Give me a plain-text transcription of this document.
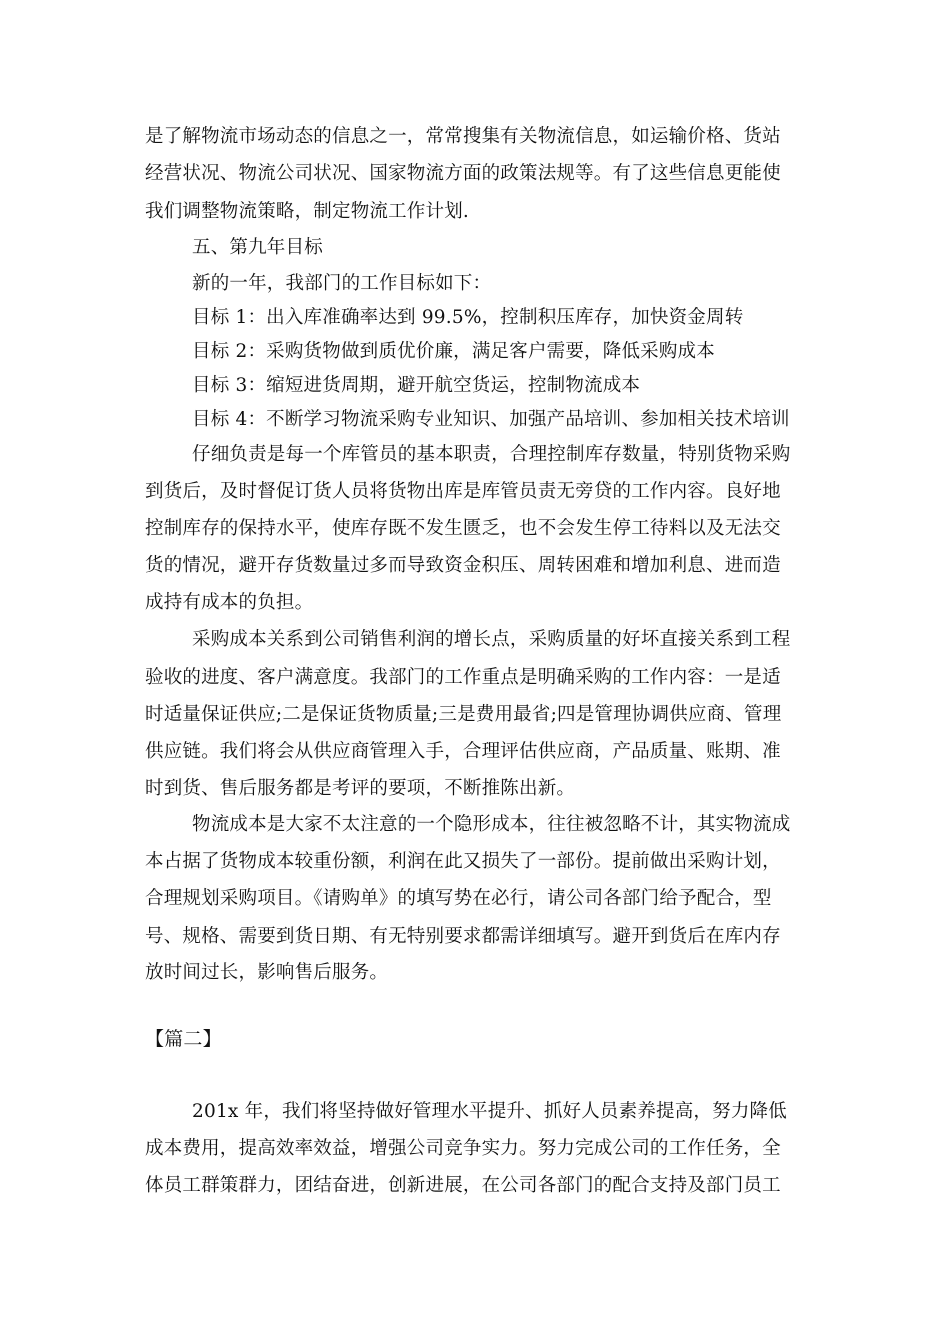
是了解物流市场动态的信息之一，常常搜集有关物流信息，如运输价格、货站
经营状况、物流公司状况、国家物流方面的政策法规等。有了这些信息更能使
我们调整物流策略，制定物流工作计划.
五、第九年目标
新的一年，我部门的工作目标如下：
目标 1：出入库准确率达到 99.5%，控制积压库存，加快资金周转
目标 2：采购货物做到质优价廉，满足客户需要，降低采购成本
目标 3：缩短进货周期，避开航空货运，控制物流成本
目标 4：不断学习物流采购专业知识、加强产品培训、参加相关技术培训
仔细负责是每一个库管员的基本职责，合理控制库存数量，特别货物采购
到货后，及时督促订货人员将货物出库是库管员责无旁贷的工作内容。良好地
控制库存的保持水平，使库存既不发生匮乏，也不会发生停工待料以及无法交
货的情况，避开存货数量过多而导致资金积压、周转困难和增加利息、进而造
成持有成本的负担。
采购成本关系到公司销售利润的增长点，采购质量的好坏直接关系到工程
验收的进度、客户满意度。我部门的工作重点是明确采购的工作内容：一是适
时适量保证供应;二是保证货物质量;三是费用最省;四是管理协调供应商、管理
供应链。我们将会从供应商管理入手，合理评估供应商，产品质量、账期、准
时到货、售后服务都是考评的要项，不断推陈出新。
物流成本是大家不太注意的一个隐形成本，往往被忽略不计，其实物流成
本占据了货物成本较重份额，利润在此又损失了一部份。提前做出采购计划，
合理规划采购项目。《请购单》的填写势在必行，请公司各部门给予配合，型
号、规格、需要到货日期、有无特别要求都需详细填写。避开到货后在库内存
放时间过长，影响售后服务。
【篇二】
201x 年，我们将坚持做好管理水平提升、抓好人员素养提高，努力降低
成本费用，提高效率效益，增强公司竞争实力。努力完成公司的工作任务，全
体员工群策群力，团结奋进，创新进展，在公司各部门的配合支持及部门员工
